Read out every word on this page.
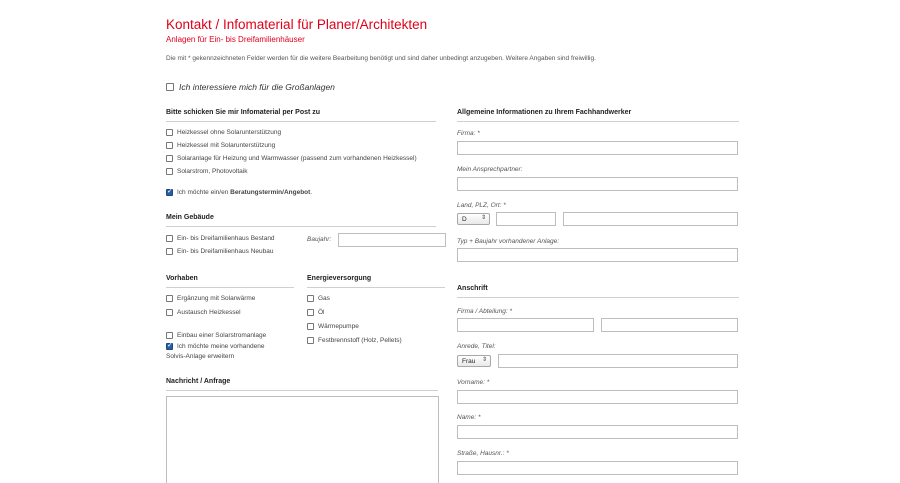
Kontakt / Infomaterial für Planer/Architekten
Anlagen für Ein- bis Dreifamilienhäuser
Die mit * gekennzeichneten Felder werden für die weitere Bearbeitung benötigt und sind daher unbedingt anzugeben. Weitere Angaben sind freiwillig.
Ich interessiere mich für die Großanlagen
Bitte schicken Sie mir Infomaterial per Post zu
Heizkessel ohne Solarunterstützung
Heizkessel mit Solarunterstützung
Solaranlage für Heizung und Warmwasser (passend zum vorhandenen Heizkessel)
Solarstrom, Photovoltaik
✓
Ich möchte ein/en Beratungstermin/Angebot.
Mein Gebäude
Ein- bis Dreifamilienhaus Bestand
Ein- bis Dreifamilienhaus Neubau
Baujahr:
Vorhaben	Energieversorgung
Ergänzung mit Solarwärme
Austausch Heizkessel
Einbau einer Solarstromanlage
✓
Ich möchte meine vorhandene
Solvis-Anlage erweitern
Gas
Öl
Wärmepumpe
Festbrennstoff (Holz, Pellets)
Nachricht / Anfrage
Allgemeine Informationen zu Ihrem Fachhandwerker
Firma: *
Mein Ansprechpartner:
Land, PLZ, Ort: *
D ⇕
Typ + Baujahr vorhandener Anlage:
Anschrift
Firma / Abteilung: *
Anrede, Titel:
Frau ⇕
Vorname: *
Name: *
Straße, Hausnr.: *
